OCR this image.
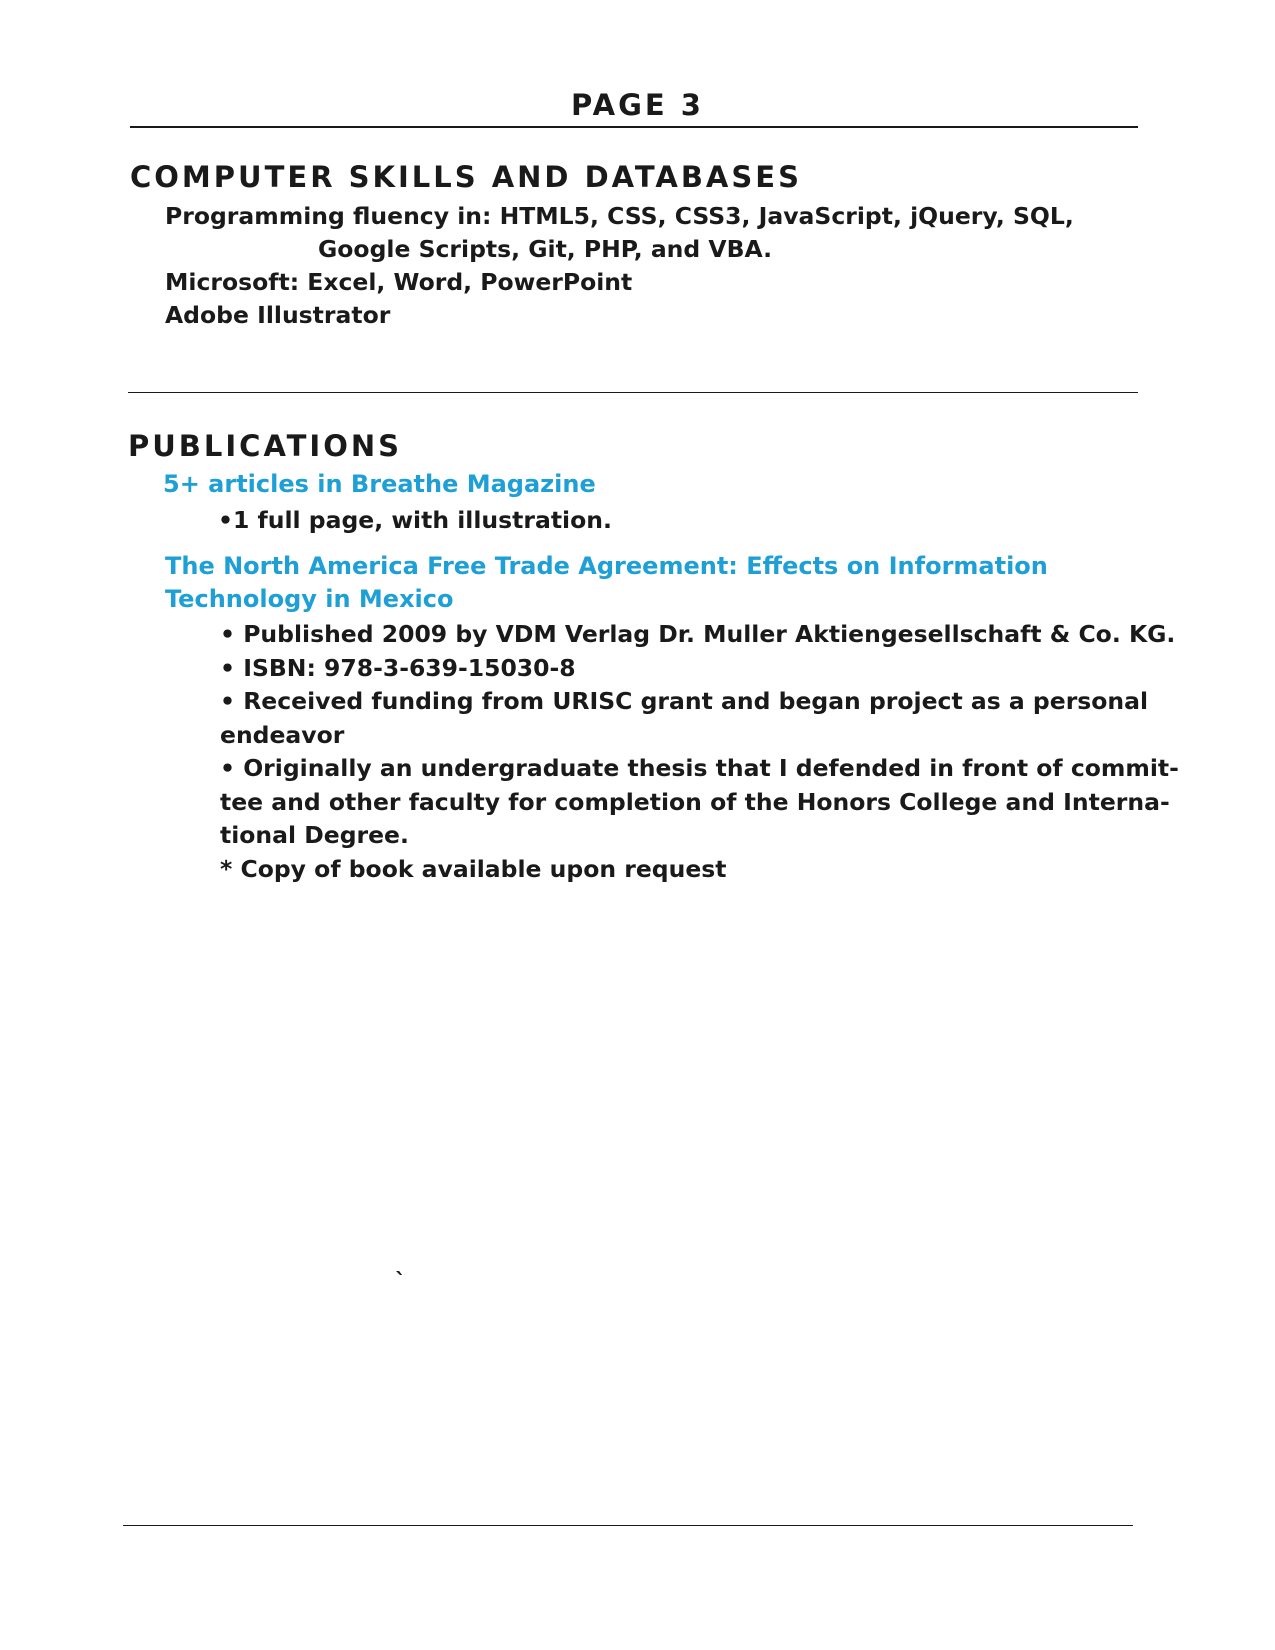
PAGE 3
COMPUTER SKILLS AND DATABASES
Programming fluency in: HTML5, CSS, CSS3, JavaScript, jQuery, SQL,
Google Scripts, Git, PHP, and VBA.
Microsoft: Excel, Word, PowerPoint
Adobe Illustrator
PUBLICATIONS
5+ articles in Breathe Magazine
•1 full page, with illustration.
The North America Free Trade Agreement: Effects on Information
Technology in Mexico
• Published 2009 by VDM Verlag Dr. Muller Aktiengesellschaft & Co. KG.
• ISBN: 978-3-639-15030-8
• Received funding from URISC grant and began project as a personal
endeavor
• Originally an undergraduate thesis that I defended in front of commit-
tee and other faculty for completion of the Honors College and Interna-
tional Degree.
* Copy of book available upon request
`
